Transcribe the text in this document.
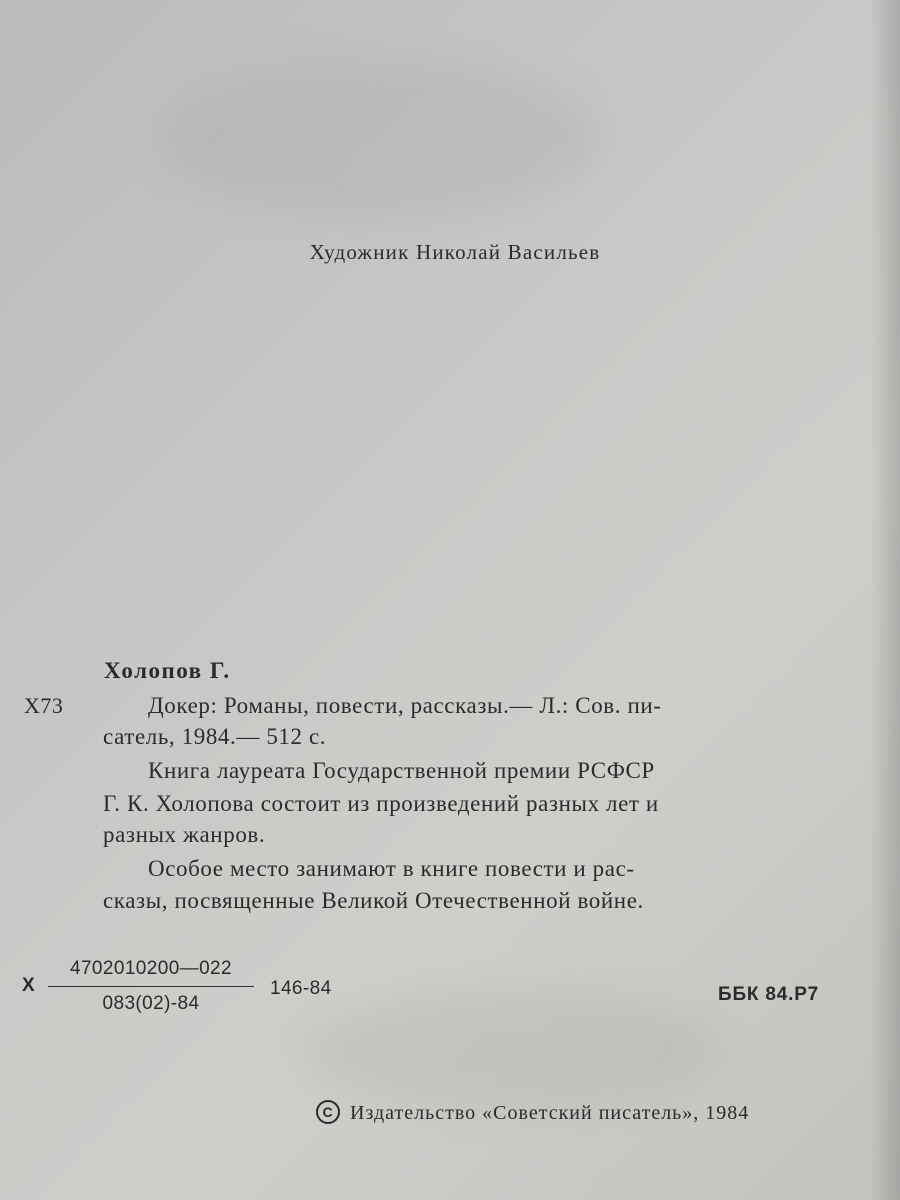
Художник Николай Васильев
Холопов Г.
Х73	Докер: Романы, повести, рассказы.— Л.: Сов. пи-
сатель, 1984.— 512 с.
Книга лауреата Государственной премии РСФСР
Г. К. Холопова состоит из произведений разных лет и
разных жанров.
Особое место занимают в книге повести и рас-
сказы, посвященные Великой Отечественной войне.
Х
4702010200—022
083(02)-84
146-84	ББК 84.Р7
C Издательство «Советский писатель», 1984
